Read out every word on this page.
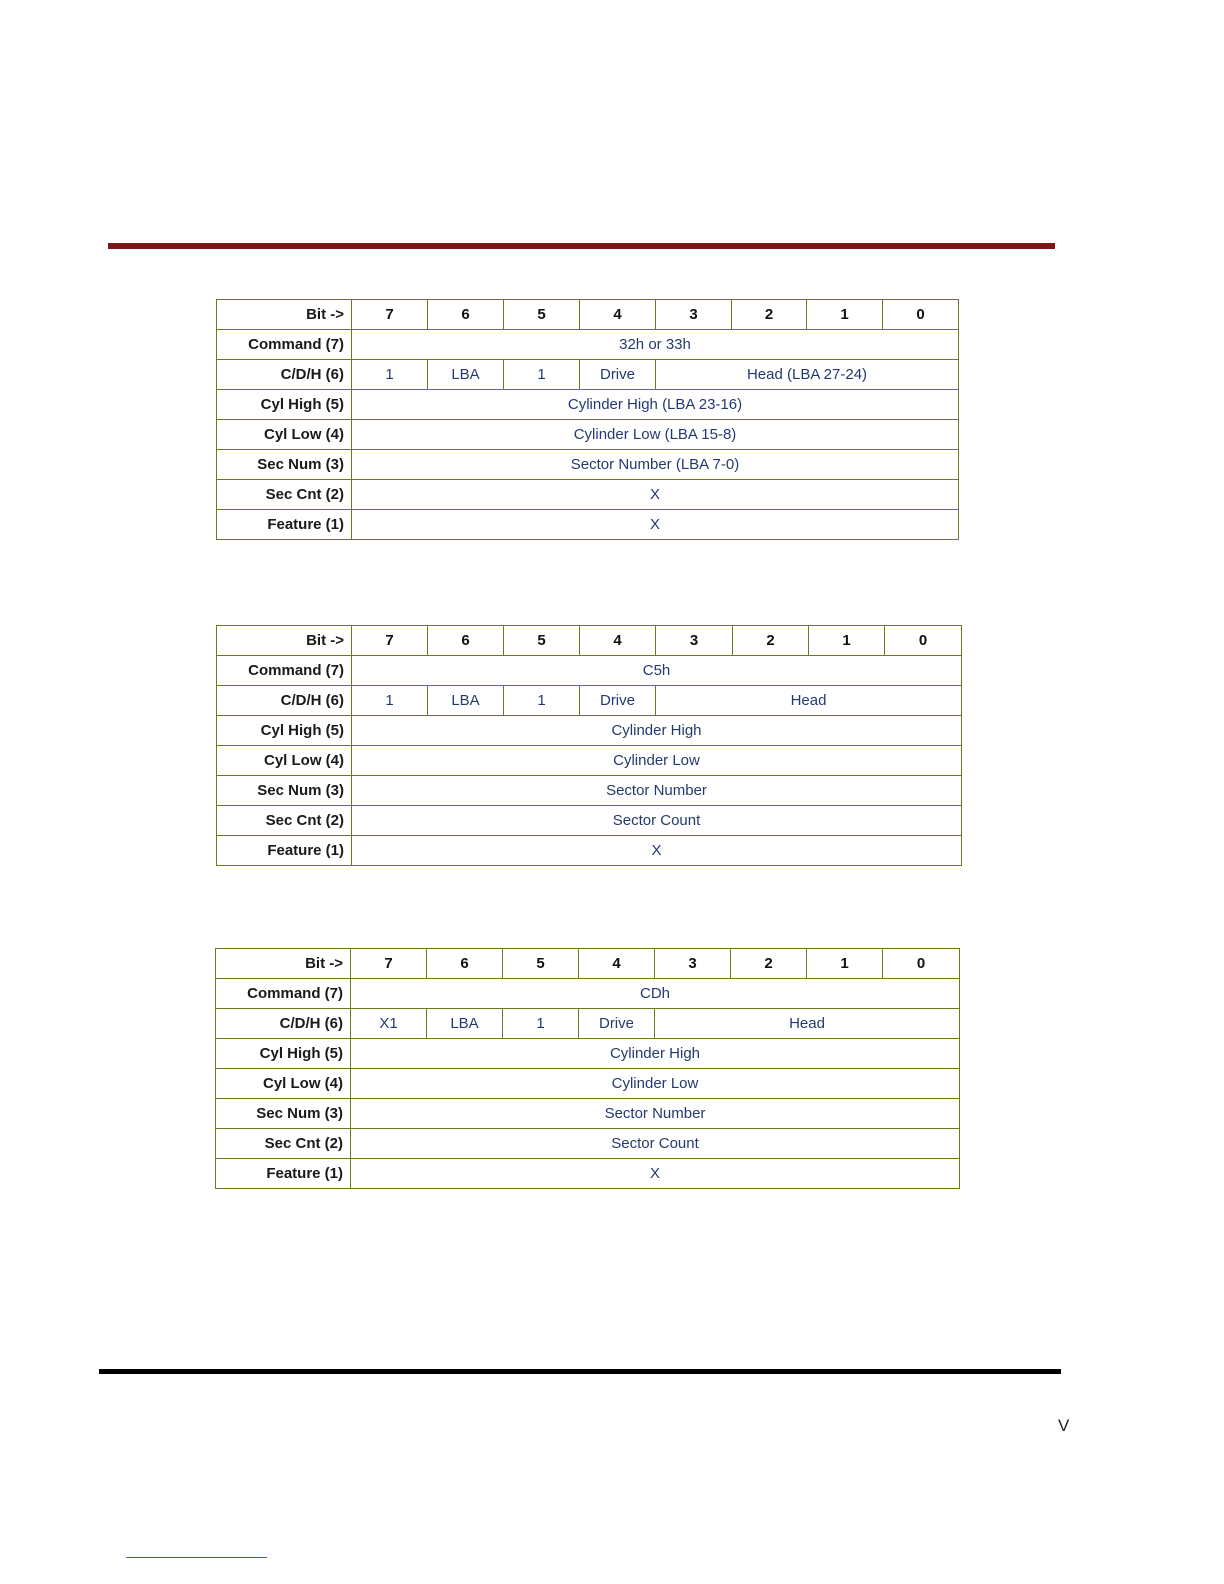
Bit ->	7	6	5	4	3	2	1	0
Command (7)	32h or 33h							
C/D/H (6)	1	LBA	1	Drive	Head (LBA 27-24)			
Cyl High (5)	Cylinder High (LBA 23-16)							
Cyl Low (4)	Cylinder Low (LBA 15-8)							
Sec Num (3)	Sector Number (LBA 7-0)							
Sec Cnt (2)	X							
Feature (1)	X							
Bit ->	7	6	5	4	3	2	1	0
Command (7)	C5h							
C/D/H (6)	1	LBA	1	Drive	Head			
Cyl High (5)	Cylinder High							
Cyl Low (4)	Cylinder Low							
Sec Num (3)	Sector Number							
Sec Cnt (2)	Sector Count							
Feature (1)	X							
Bit ->	7	6	5	4	3	2	1	0
Command (7)	CDh							
C/D/H (6)	X1	LBA	1	Drive	Head			
Cyl High (5)	Cylinder High							
Cyl Low (4)	Cylinder Low							
Sec Num (3)	Sector Number							
Sec Cnt (2)	Sector Count							
Feature (1)	X							
V
